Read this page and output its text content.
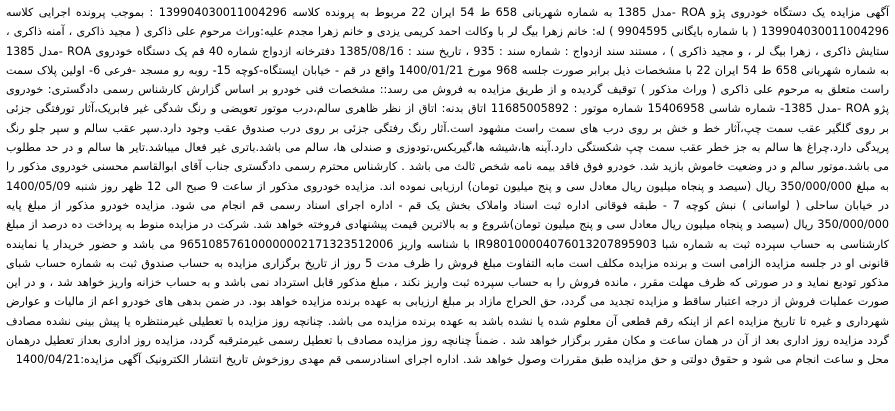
آگهی مزایده یک دستگاه خودروی پژو ROA -مدل 1385 به شماره شهربانی 658 ط 54 ایران 22 مربوط به پرونده کلاسه 139904030011004296 : بموجب پرونده اجرایی کلاسه 139904030011004296 ( با شماره بایگانی 9904595 ) له: خانم زهرا بیگ لر با وکالت احمد کریمی یزدی و خانم زهرا مجدم علیه:وراث مرحوم علی ذاکری ( مجید ذاکری ، آمنه ذاکری ، ستایش ذاکری ، زهرا بیگ لر ، و مجید ذاکری ) ، مستند سند ازدواج : شماره سند : 935 ، تاریخ سند : 1385/08/16 دفترخانه ازدواج شماره 40 قم یک دستگاه خودروی ROA -مدل 1385 به شماره شهربانی 658 ط 54 ایران 22 با مشخصات ذیل برابر صورت جلسه 968 مورخ 1400/01/21 واقع در قم - خیابان ایستگاه-کوچه 15- روبه رو مسجد -فرعی 6- اولین پلاک سمت راست متعلق به مرحوم علی ذاکری ( وراث مذکور ) توقیف گردیده و از طریق مزایده به فروش می رسد:: مشخصات فنی خودرو بر اساس گزارش کارشناس رسمی دادگستری: خودروی پژو ROA -مدل 1385- شماره شاسی 15406958 شماره موتور : 11685005892 اتاق بدنه: اتاق از نظر ظاهری سالم،درب موتور تعویضی و رنگ شدگی غیر فابریک،آثار تورفتگی جزئی بر روی گلگیر عقب سمت چپ،آثار خط و خش بر روی درب های سمت راست مشهود است.آثار رنگ رفتگی جزئی بر روی درب صندوق عقب وجود دارد.سپر عقب سالم و سپر جلو رنگ پریدگی دارد.چراغ ها سالم به جز خطر عقب سمت چپ شکستگی دارد.آینه ها،شیشه ها،گیربکس،تودوزی و صندلی ها، سالم می باشد.باتری غیر فعال میباشد.تایر ها سالم و در حد مطلوب می باشد.موتور سالم و در وضعیت خاموش بازید شد. خودرو فوق فاقد بیمه نامه شخص ثالث می باشد . کارشناس محترم رسمی دادگستری جناب آقای ابوالقاسم محسنی خودروی مذکور را به مبلغ 350/000/000 ریال (سیصد و پنجاه میلیون ریال معادل سی و پنج میلیون تومان) ارزیابی نموده اند. مزایده خودروی مذکور از ساعت 9 صبح الی 12 ظهر روز شنبه 1400/05/09 در خیابان ساحلی ( لواسانی ) نبش کوچه 7 - طبقه فوقانی اداره ثبت اسناد واملاک بخش یک قم - اداره اجرای اسناد رسمی قم انجام می شود. مزایده خودرو مذکور از مبلغ پایه 350/000/000 ریال (سیصد و پنجاه میلیون ریال معادل سی و پنج میلیون تومان)شروع و به بالاترین قیمت پیشنهادی فروخته خواهد شد. شرکت در مزایده منوط به پرداخت ده درصد از مبلغ کارشناسی به حساب سپرده ثبت به شماره شبا IR980100004076013207895903 با شناسه واریز 965108576100000002171323512006 می باشد و حضور خریدار یا نماینده قانونی او در جلسه مزایده الزامی است و برنده مزایده مکلف است مابه التفاوت مبلغ فروش را ظرف مدت 5 روز از تاریخ برگزاری مزایده به حساب صندوق ثبت به شماره حساب شبای مذکور تودیع نماید و در صورتی که ظرف مهلت مقرر ، مانده فروش را به حساب سپرده ثبت واریز نکند ، مبلغ مذکور قابل استرداد نمی باشد و به حساب خزانه واریز خواهد شد ، و در این صورت عملیات فروش از درجه اعتبار ساقط و مزایده تجدید می گردد، حق الحراج مازاد بر مبلغ ارزیابی به عهده برنده مزایده خواهد بود. در ضمن بدهی های خودرو اعم از مالیات و عوارض شهرداری و غیره تا تاریخ مزایده اعم از اینکه رقم قطعی آن معلوم شده یا نشده باشد به عهده برنده مزایده می باشد. چنانچه روز مزایده با تعطیلی غیرمنتظره یا پیش بینی نشده مصادف گردد مزایده روز اداری بعد از آن در همان ساعت و مکان مقرر برگزار خواهد شد . ضمناً چنانچه روز مزایده مصادف با تعطیل رسمی غیرمترقبه گردد، مزایده روز اداری بعداز تعطیل درهمان محل و ساعت انجام می شود و حقوق دولتی و حق مزایده طبق مقررات وصول خواهد شد. اداره اجرای اسنادرسمی قم مهدی روزخوش تاریخ انتشار الکترونیک آگهی مزایده:1400/04/21
